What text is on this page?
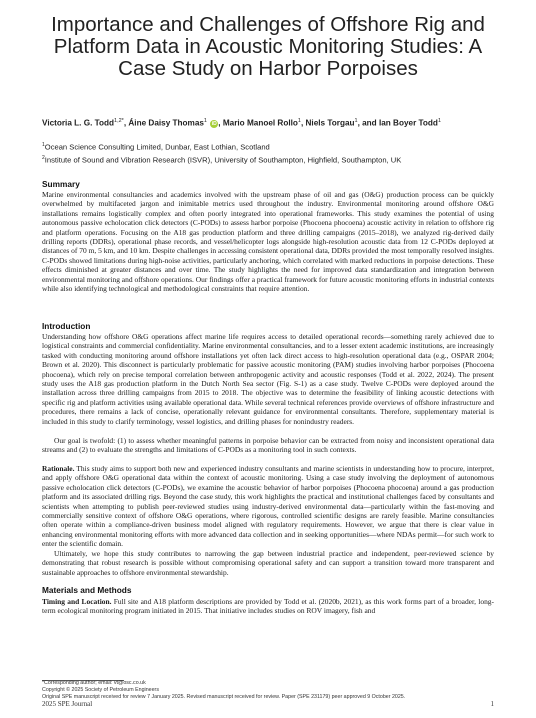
Importance and Challenges of Offshore Rig and Platform Data in Acoustic Monitoring Studies: A Case Study on Harbor Porpoises
Victoria L. G. Todd$^{1,2*}$, Áine Daisy Thomas$^1$ iD , Mario Manoel Rollo$^1$, Niels Torgau$^1$, and Ian Boyer Todd$^1$
$^1$Ocean Science Consulting Limited, Dunbar, East Lothian, Scotland
$^2$Institute of Sound and Vibration Research (ISVR), University of Southampton, Highfield, Southampton, UK
Summary

Marine environmental consultancies and academics involved with the upstream phase of oil and gas (O&G) production process can be quickly overwhelmed by multifaceted jargon and inimitable metrics used throughout the industry. Environmental monitoring around offshore O&G installations remains logistically complex and often poorly integrated into operational frameworks. This study examines the potential of using autonomous passive echolocation click detectors (C-PODs) to assess harbor porpoise (Phocoena phocoena) acoustic activity in relation to offshore rig and platform operations. Focusing on the A18 gas production platform and three drilling campaigns (2015–2018), we analyzed rig-derived daily drilling reports (DDRs), operational phase records, and vessel/helicopter logs alongside high-resolution acoustic data from 12 C-PODs deployed at distances of 70 m, 5 km, and 10 km. Despite challenges in accessing consistent operational data, DDRs provided the most temporally resolved insights. C-PODs showed limitations during high-noise activities, particularly anchoring, which correlated with marked reductions in porpoise detections. These effects diminished at greater distances and over time. The study highlights the need for improved data standardization and integration between environmental monitoring and offshore operations. Our findings offer a practical framework for future acoustic monitoring efforts in industrial contexts while also identifying technological and methodological constraints that require attention.

Introduction

Understanding how offshore O&G operations affect marine life requires access to detailed operational records—something rarely achieved due to logistical constraints and commercial confidentiality. Marine environmental consultancies, and to a lesser extent academic institutions, are increasingly tasked with conducting monitoring around offshore installations yet often lack direct access to high-resolution operational data (e.g., OSPAR 2004; Brown et al. 2020). This disconnect is particularly problematic for passive acoustic monitoring (PAM) studies involving harbor porpoises (Phocoena phocoena), which rely on precise temporal correlation between anthropogenic activity and acoustic responses (Todd et al. 2022, 2024). The present study uses the A18 gas production platform in the Dutch North Sea sector (Fig. S-1) as a case study. Twelve C-PODs were deployed around the installation across three drilling campaigns from 2015 to 2018. The objective was to determine the feasibility of linking acoustic detections with specific rig and platform activities using available operational data. While several technical references provide overviews of offshore infrastructure and procedures, there remains a lack of concise, operationally relevant guidance for environmental consultants. Therefore, supplementary material is included in this study to clarify terminology, vessel logistics, and drilling phases for nonindustry readers.

Our goal is twofold: (1) to assess whether meaningful patterns in porpoise behavior can be extracted from noisy and inconsistent operational data streams and (2) to evaluate the strengths and limitations of C-PODs as a monitoring tool in such contexts.

Rationale. This study aims to support both new and experienced industry consultants and marine scientists in understanding how to procure, interpret, and apply offshore O&G operational data within the context of acoustic monitoring. Using a case study involving the deployment of autonomous passive echolocation click detectors (C-PODs), we examine the acoustic behavior of harbor porpoises (Phocoena phocoena) around a gas production platform and its associated drilling rigs. Beyond the case study, this work highlights the practical and institutional challenges faced by consultants and scientists when attempting to publish peer-reviewed studies using industry-derived environmental data—particularly within the fast-moving and commercially sensitive context of offshore O&G operations, where rigorous, controlled scientific designs are rarely feasible. Marine consultancies often operate within a compliance-driven business model aligned with regulatory requirements. However, we argue that there is clear value in enhancing environmental monitoring efforts with more advanced data collection and in seeking opportunities—where NDAs permit—for such work to enter the scientific domain.

Ultimately, we hope this study contributes to narrowing the gap between industrial practice and independent, peer-reviewed science by demonstrating that robust research is possible without compromising operational safety and can support a transition toward more transparent and sustainable approaches to offshore environmental stewardship.

Materials and Methods

Timing and Location. Full site and A18 platform descriptions are provided by Todd et al. (2020b, 2021), as this work forms part of a broader, long-term ecological monitoring program initiated in 2015. That initiative includes studies on ROV imagery, fish and

*Corresponding author; email: vt@osc.co.uk
Copyright © 2025 Society of Petroleum Engineers
Original SPE manuscript received for review 7 January 2025. Revised manuscript received for review. Paper (SPE 231179) peer approved 9 October 2025.
2025 SPE Journal	1
